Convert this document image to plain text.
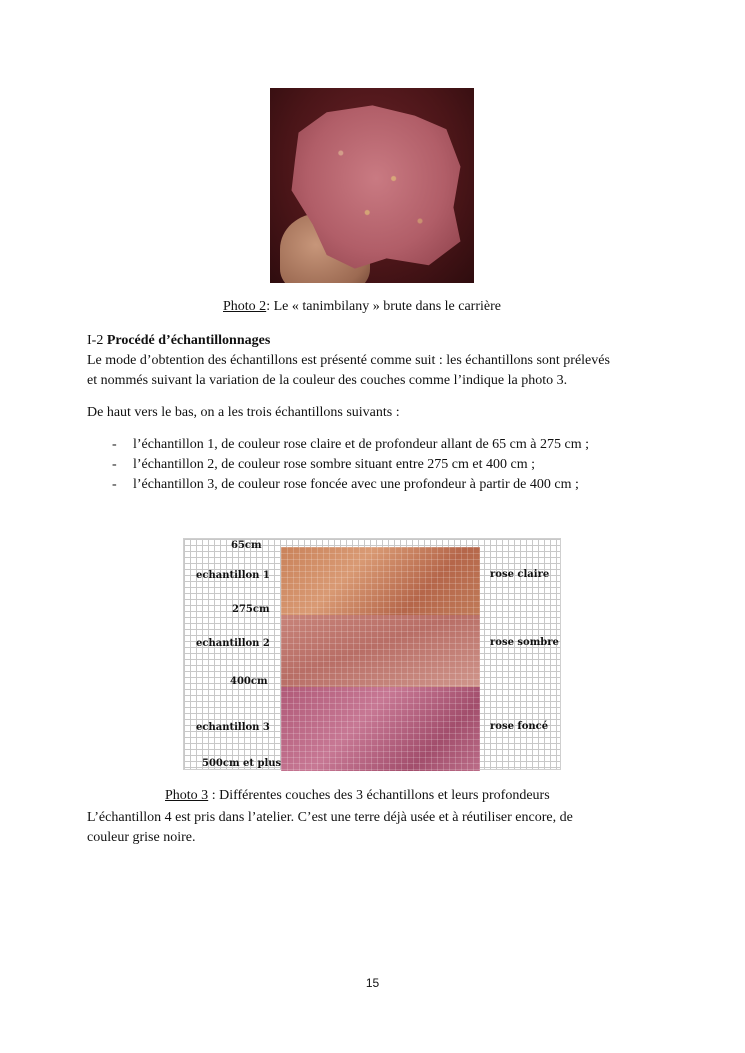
Photo 2: Le « tanimbilany » brute dans le carrière
I-2 Procédé d’échantillonnages
Le mode d’obtention des échantillons est présenté comme suit : les échantillons sont prélevés
et nommés suivant la variation de la couleur des couches comme l’indique la photo 3.
De haut vers le bas, on a les trois échantillons suivants :
- l’échantillon 1, de couleur rose claire et de profondeur allant de 65 cm à 275 cm ;
- l’échantillon 2, de couleur rose sombre situant entre 275 cm et 400 cm ;
- l’échantillon 3, de couleur rose foncée avec une profondeur à partir de 400 cm ;
65cm
echantillon 1	rose claire
275cm
echantillon 2	rose sombre
400cm
echantillon 3	rose foncé
500cm et plus
Photo 3 : Différentes couches des 3 échantillons et leurs profondeurs
L’échantillon 4 est pris dans l’atelier. C’est une terre déjà usée et à réutiliser encore, de
couleur grise noire.
15
